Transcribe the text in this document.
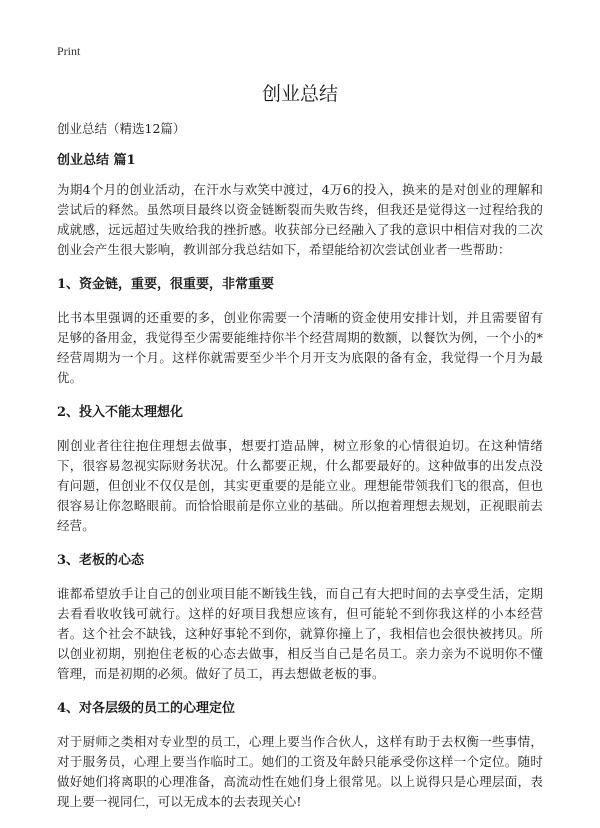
Print
创业总结
创业总结（精选12篇）
创业总结 篇1

为期4个月的创业活动，在汗水与欢笑中渡过，4万6的投入，换来的是对创业的理解和尝试后的释然。虽然项目最终以资金链断裂而失败告终，但我还是觉得这一过程给我的成就感，远远超过失败给我的挫折感。收获部分已经融入了我的意识中相信对我的二次创业会产生很大影响，教训部分我总结如下，希望能给初次尝试创业者一些帮助：

1、资金链，重要，很重要，非常重要

比书本里强调的还重要的多，创业你需要一个清晰的资金使用安排计划，并且需要留有足够的备用金，我觉得至少需要能维持你半个经营周期的数额，以餐饮为例，一个小的*经营周期为一个月。这样你就需要至少半个月开支为底限的备有金，我觉得一个月为最优。

2、投入不能太理想化

刚创业者往往抱住理想去做事，想要打造品牌，树立形象的心情很迫切。在这种情绪下，很容易忽视实际财务状况。什么都要正规，什么都要最好的。这种做事的出发点没有问题，但创业不仅仅是创，其实更重要的是能立业。理想能带领我们飞的很高，但也很容易让你忽略眼前。而恰恰眼前是你立业的基础。所以抱着理想去规划，正视眼前去经营。

3、老板的心态

谁都希望放手让自己的创业项目能不断钱生钱，而自己有大把时间的去享受生活，定期去看看收收钱可就行。这样的好项目我想应该有，但可能轮不到你我这样的小本经营者。这个社会不缺钱，这种好事轮不到你，就算你撞上了，我相信也会很快被拷贝。所以创业初期，别抱住老板的心态去做事，相反当自己是名员工。亲力亲为不说明你不懂管理，而是初期的必须。做好了员工，再去想做老板的事。

4、对各层级的员工的心理定位

对于厨师之类相对专业型的员工，心理上要当作合伙人，这样有助于去权衡一些事情，对于服务员，心理上要当作临时工。她们的工资及年龄只能承受你这样一个定位。随时做好她们将离职的心理准备，高流动性在她们身上很常见。以上说得只是心理层面，表现上要一视同仁，可以无成本的去表现关心!
